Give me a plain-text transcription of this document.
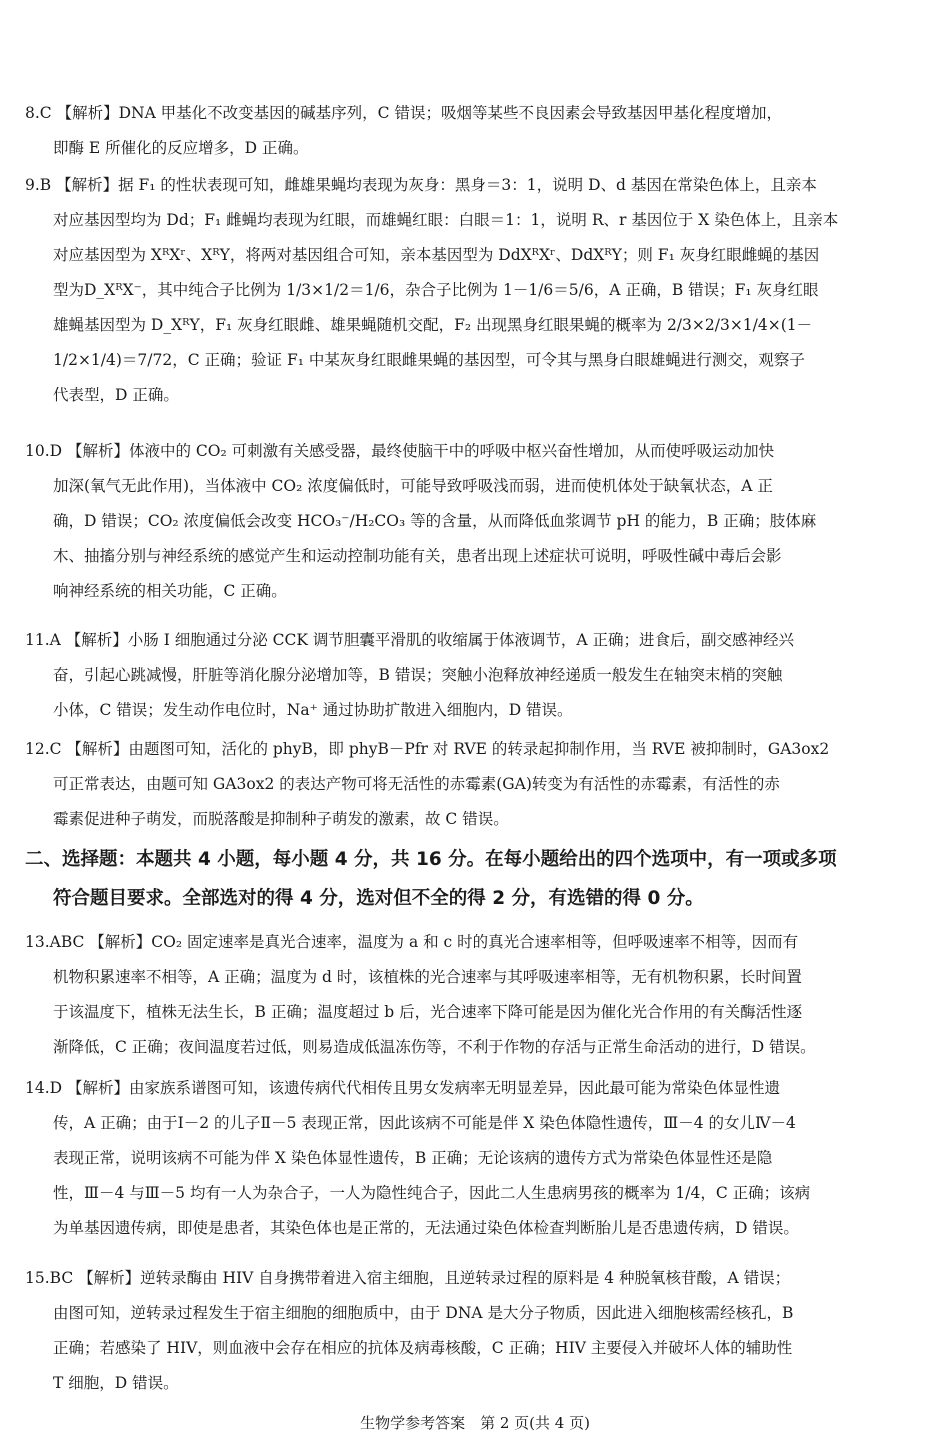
8.C 【解析】DNA 甲基化不改变基因的碱基序列，C 错误；吸烟等某些不良因素会导致基因甲基化程度增加，
即酶 E 所催化的反应增多，D 正确。
9.B 【解析】据 F₁ 的性状表现可知，雌雄果蝇均表现为灰身：黑身＝3：1，说明 D、d 基因在常染色体上，且亲本
对应基因型均为 Dd；F₁ 雌蝇均表现为红眼，而雄蝇红眼：白眼＝1：1，说明 R、r 基因位于 X 染色体上，且亲本
对应基因型为 XᴿXʳ、XᴿY，将两对基因组合可知，亲本基因型为 DdXᴿXʳ、DdXᴿY；则 F₁ 灰身红眼雌蝇的基因
型为D_XᴿX⁻，其中纯合子比例为 1/3×1/2＝1/6，杂合子比例为 1－1/6＝5/6，A 正确，B 错误；F₁ 灰身红眼
雄蝇基因型为 D_XᴿY，F₁ 灰身红眼雌、雄果蝇随机交配，F₂ 出现黑身红眼果蝇的概率为 2/3×2/3×1/4×(1－
1/2×1/4)＝7/72，C 正确；验证 F₁ 中某灰身红眼雌果蝇的基因型，可令其与黑身白眼雄蝇进行测交，观察子
代表型，D 正确。
10.D 【解析】体液中的 CO₂ 可刺激有关感受器，最终使脑干中的呼吸中枢兴奋性增加，从而使呼吸运动加快
加深(氧气无此作用)，当体液中 CO₂ 浓度偏低时，可能导致呼吸浅而弱，进而使机体处于缺氧状态，A 正
确，D 错误；CO₂ 浓度偏低会改变 HCO₃⁻/H₂CO₃ 等的含量，从而降低血浆调节 pH 的能力，B 正确；肢体麻
木、抽搐分别与神经系统的感觉产生和运动控制功能有关，患者出现上述症状可说明，呼吸性碱中毒后会影
响神经系统的相关功能，C 正确。
11.A 【解析】小肠 I 细胞通过分泌 CCK 调节胆囊平滑肌的收缩属于体液调节，A 正确；进食后，副交感神经兴
奋，引起心跳减慢，肝脏等消化腺分泌增加等，B 错误；突触小泡释放神经递质一般发生在轴突末梢的突触
小体，C 错误；发生动作电位时，Na⁺ 通过协助扩散进入细胞内，D 错误。
12.C 【解析】由题图可知，活化的 phyB，即 phyB－Pfr 对 RVE 的转录起抑制作用，当 RVE 被抑制时，GA3ox2
可正常表达，由题可知 GA3ox2 的表达产物可将无活性的赤霉素(GA)转变为有活性的赤霉素，有活性的赤
霉素促进种子萌发，而脱落酸是抑制种子萌发的激素，故 C 错误。
二、选择题：本题共 4 小题，每小题 4 分，共 16 分。在每小题给出的四个选项中，有一项或多项
符合题目要求。全部选对的得 4 分，选对但不全的得 2 分，有选错的得 0 分。
13.ABC 【解析】CO₂ 固定速率是真光合速率，温度为 a 和 c 时的真光合速率相等，但呼吸速率不相等，因而有
机物积累速率不相等，A 正确；温度为 d 时，该植株的光合速率与其呼吸速率相等，无有机物积累，长时间置
于该温度下，植株无法生长，B 正确；温度超过 b 后，光合速率下降可能是因为催化光合作用的有关酶活性逐
渐降低，C 正确；夜间温度若过低，则易造成低温冻伤等，不利于作物的存活与正常生命活动的进行，D 错误。
14.D 【解析】由家族系谱图可知，该遗传病代代相传且男女发病率无明显差异，因此最可能为常染色体显性遗
传，A 正确；由于Ⅰ－2 的儿子Ⅱ－5 表现正常，因此该病不可能是伴 X 染色体隐性遗传，Ⅲ－4 的女儿Ⅳ－4
表现正常，说明该病不可能为伴 X 染色体显性遗传，B 正确；无论该病的遗传方式为常染色体显性还是隐
性，Ⅲ－4 与Ⅲ－5 均有一人为杂合子，一人为隐性纯合子，因此二人生患病男孩的概率为 1/4，C 正确；该病
为单基因遗传病，即使是患者，其染色体也是正常的，无法通过染色体检查判断胎儿是否患遗传病，D 错误。
15.BC 【解析】逆转录酶由 HIV 自身携带着进入宿主细胞，且逆转录过程的原料是 4 种脱氧核苷酸，A 错误；
由图可知，逆转录过程发生于宿主细胞的细胞质中，由于 DNA 是大分子物质，因此进入细胞核需经核孔，B
正确；若感染了 HIV，则血液中会存在相应的抗体及病毒核酸，C 正确；HIV 主要侵入并破坏人体的辅助性
T 细胞，D 错误。
生物学参考答案　第 2 页(共 4 页)
